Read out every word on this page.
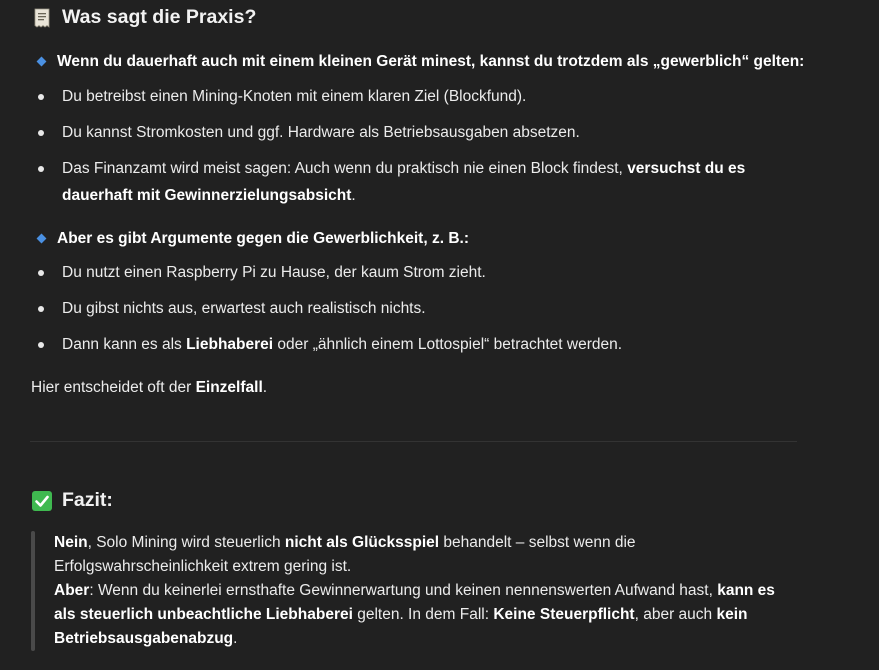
Was sagt die Praxis?
Wenn du dauerhaft auch mit einem kleinen Gerät minest, kannst du trotzdem als „gewerblich“ gelten:
Du betreibst einen Mining-Knoten mit einem klaren Ziel (Blockfund).
Du kannst Stromkosten und ggf. Hardware als Betriebsausgaben absetzen.
Das Finanzamt wird meist sagen: Auch wenn du praktisch nie einen Block findest, versuchst du es
dauerhaft mit Gewinnerzielungsabsicht.
Aber es gibt Argumente gegen die Gewerblichkeit, z. B.:
Du nutzt einen Raspberry Pi zu Hause, der kaum Strom zieht.
Du gibst nichts aus, erwartest auch realistisch nichts.
Dann kann es als Liebhaberei oder „ähnlich einem Lottospiel“ betrachtet werden.
Hier entscheidet oft der Einzelfall.
Fazit:
Nein, Solo Mining wird steuerlich nicht als Glücksspiel behandelt – selbst wenn die
Erfolgswahrscheinlichkeit extrem gering ist.
Aber: Wenn du keinerlei ernsthafte Gewinnerwartung und keinen nennenswerten Aufwand hast, kann es
als steuerlich unbeachtliche Liebhaberei gelten. In dem Fall: Keine Steuerpflicht, aber auch kein
Betriebsausgabenabzug.
